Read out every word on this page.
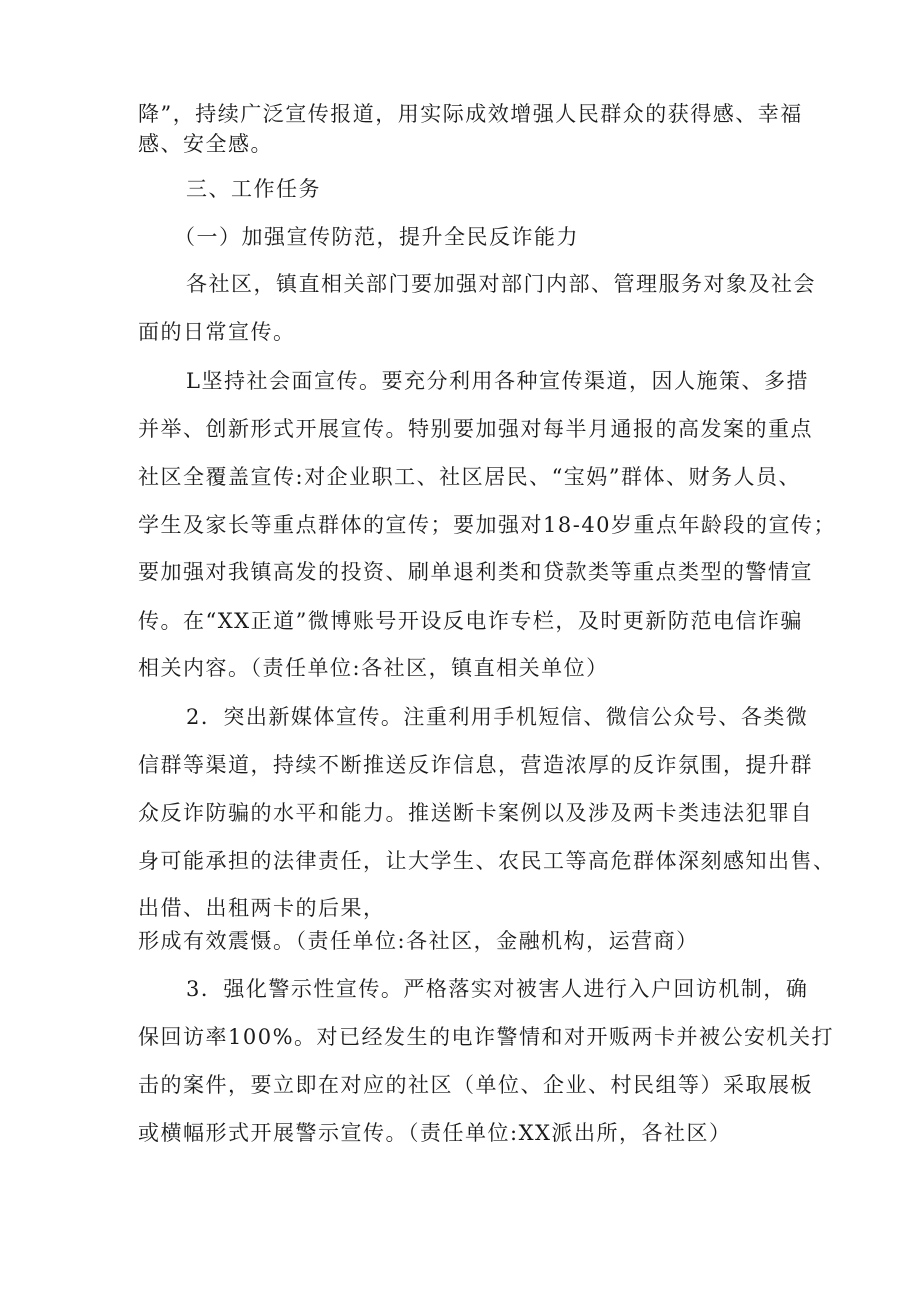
降”，持续广泛宣传报道，用实际成效增强人民群众的获得感、幸福
感、安全感。
三、工作任务
（一）加强宣传防范，提升全民反诈能力
各社区，镇直相关部门要加强对部门内部、管理服务对象及社会
面的日常宣传。
L坚持社会面宣传。要充分利用各种宣传渠道，因人施策、多措
并举、创新形式开展宣传。特别要加强对每半月通报的高发案的重点
社区全覆盖宣传:对企业职工、社区居民、“宝妈”群体、财务人员、
学生及家长等重点群体的宣传；要加强对18-40岁重点年龄段的宣传；
要加强对我镇高发的投资、刷单退利类和贷款类等重点类型的警情宣
传。在“XX正道”微博账号开设反电诈专栏，及时更新防范电信诈骗
相关内容。（责任单位:各社区，镇直相关单位）
2．突出新媒体宣传。注重利用手机短信、微信公众号、各类微
信群等渠道，持续不断推送反诈信息，营造浓厚的反诈氛围，提升群
众反诈防骗的水平和能力。推送断卡案例以及涉及两卡类违法犯罪自
身可能承担的法律责任，让大学生、农民工等高危群体深刻感知出售、
出借、出租两卡的后果，
形成有效震慑。（责任单位:各社区，金融机构，运营商）
3．强化警示性宣传。严格落实对被害人进行入户回访机制，确
保回访率100%。对已经发生的电诈警情和对开贩两卡并被公安机关打
击的案件，要立即在对应的社区（单位、企业、村民组等）采取展板
或横幅形式开展警示宣传。（责任单位:XX派出所，各社区）
